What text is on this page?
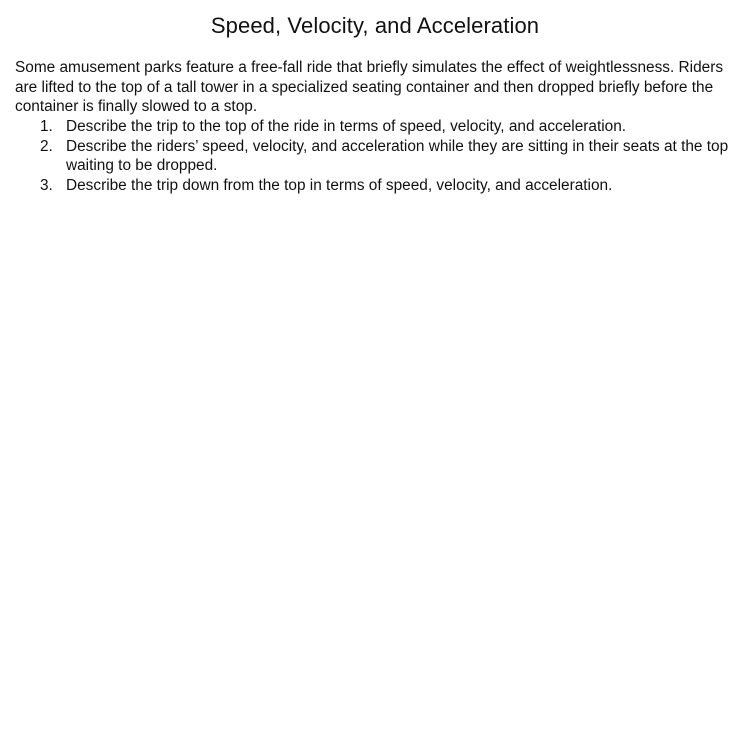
Speed, Velocity, and Acceleration

Some amusement parks feature a free-fall ride that briefly simulates the effect of weightlessness. Riders are lifted to the top of a tall tower in a specialized seating container and then dropped briefly before the container is finally slowed to a stop.

1. Describe the trip to the top of the ride in terms of speed, velocity, and acceleration.
2. Describe the riders’ speed, velocity, and acceleration while they are sitting in their seats at the top waiting to be dropped.
3. Describe the trip down from the top in terms of speed, velocity, and acceleration.
